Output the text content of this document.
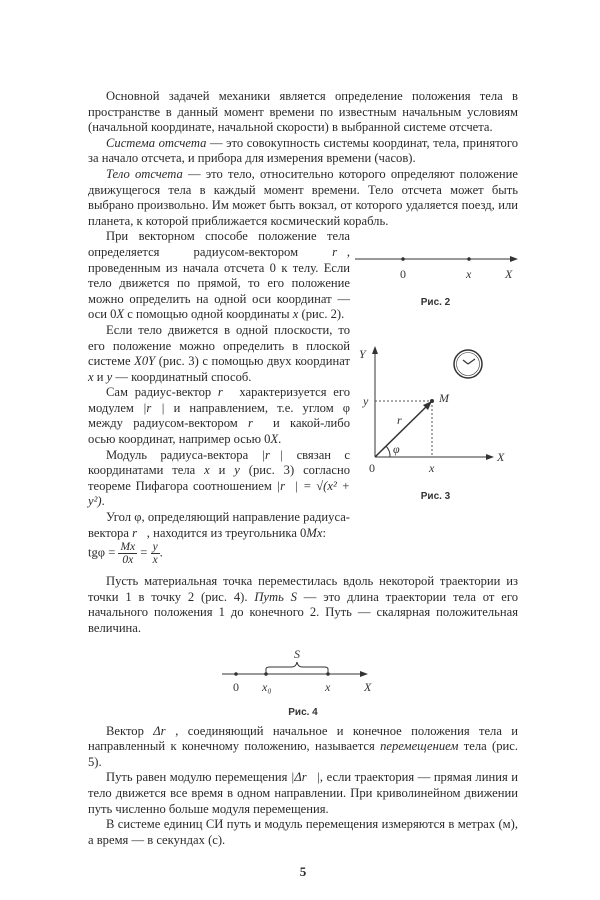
Основной задачей механики является определение положения тела в пространстве в данный момент времени по известным начальным условиям (начальной координате, начальной скорости) в выбранной системе отсчета.

Система отсчета — это совокупность системы координат, тела, принятого за начало отсчета, и прибора для измерения времени (часов).

Тело отсчета — это тело, относительно которого определяют положение движущегося тела в каждый момент времени. Тело отсчета может быть выбрано произвольно. Им может быть вокзал, от которого удаляется поезд, или планета, к которой приближается космический корабль.

При векторном способе положение тела определяется радиусом-вектором r⃗, проведенным из начала отсчета 0 к телу. Если тело движется по прямой, то его положение можно определить на одной оси координат — оси 0X с помощью одной координаты x (рис. 2).

Если тело движется в одной плоскости, то его положение можно определить в плоской системе X0Y (рис. 3) с помощью двух координат x и y — координатный способ.

Сам радиус-вектор r⃗ характеризуется его модулем |r⃗| и направлением, т.е. углом φ между радиусом-вектором r⃗ и какой-либо осью координат, например осью 0X.

Модуль радиуса-вектора |r⃗| связан с координатами тела x и y (рис. 3) согласно теореме Пифагора соотношением |r⃗| = √(x² + y²).

Угол φ, определяющий направление радиуса-вектора r⃗, находится из треугольника 0Mx:
$tg\varphi = \frac{Mx}{0x} = \frac{y}{x}$ .

0	x	X
Рис. 2
φ
r⃗
M
y
Y
X
0	x
Рис. 3

Пусть материальная точка переместилась вдоль некоторой траектории из точки 1 в точку 2 (рис. 4). Путь S — это длина траектории тела от его начального положения 1 до конечного 2. Путь — скалярная положительная величина.

S
0 x₀	x	X
Рис. 4

Вектор Δr⃗, соединяющий начальное и конечное положения тела и направленный к конечному положению, называется перемещением тела (рис. 5).

Путь равен модулю перемещения |Δr⃗|, если траектория — прямая линия и тело движется все время в одном направлении. При криволинейном движении путь численно больше модуля перемещения.

В системе единиц СИ путь и модуль перемещения измеряются в метрах (м), а время — в секундах (с).

5
